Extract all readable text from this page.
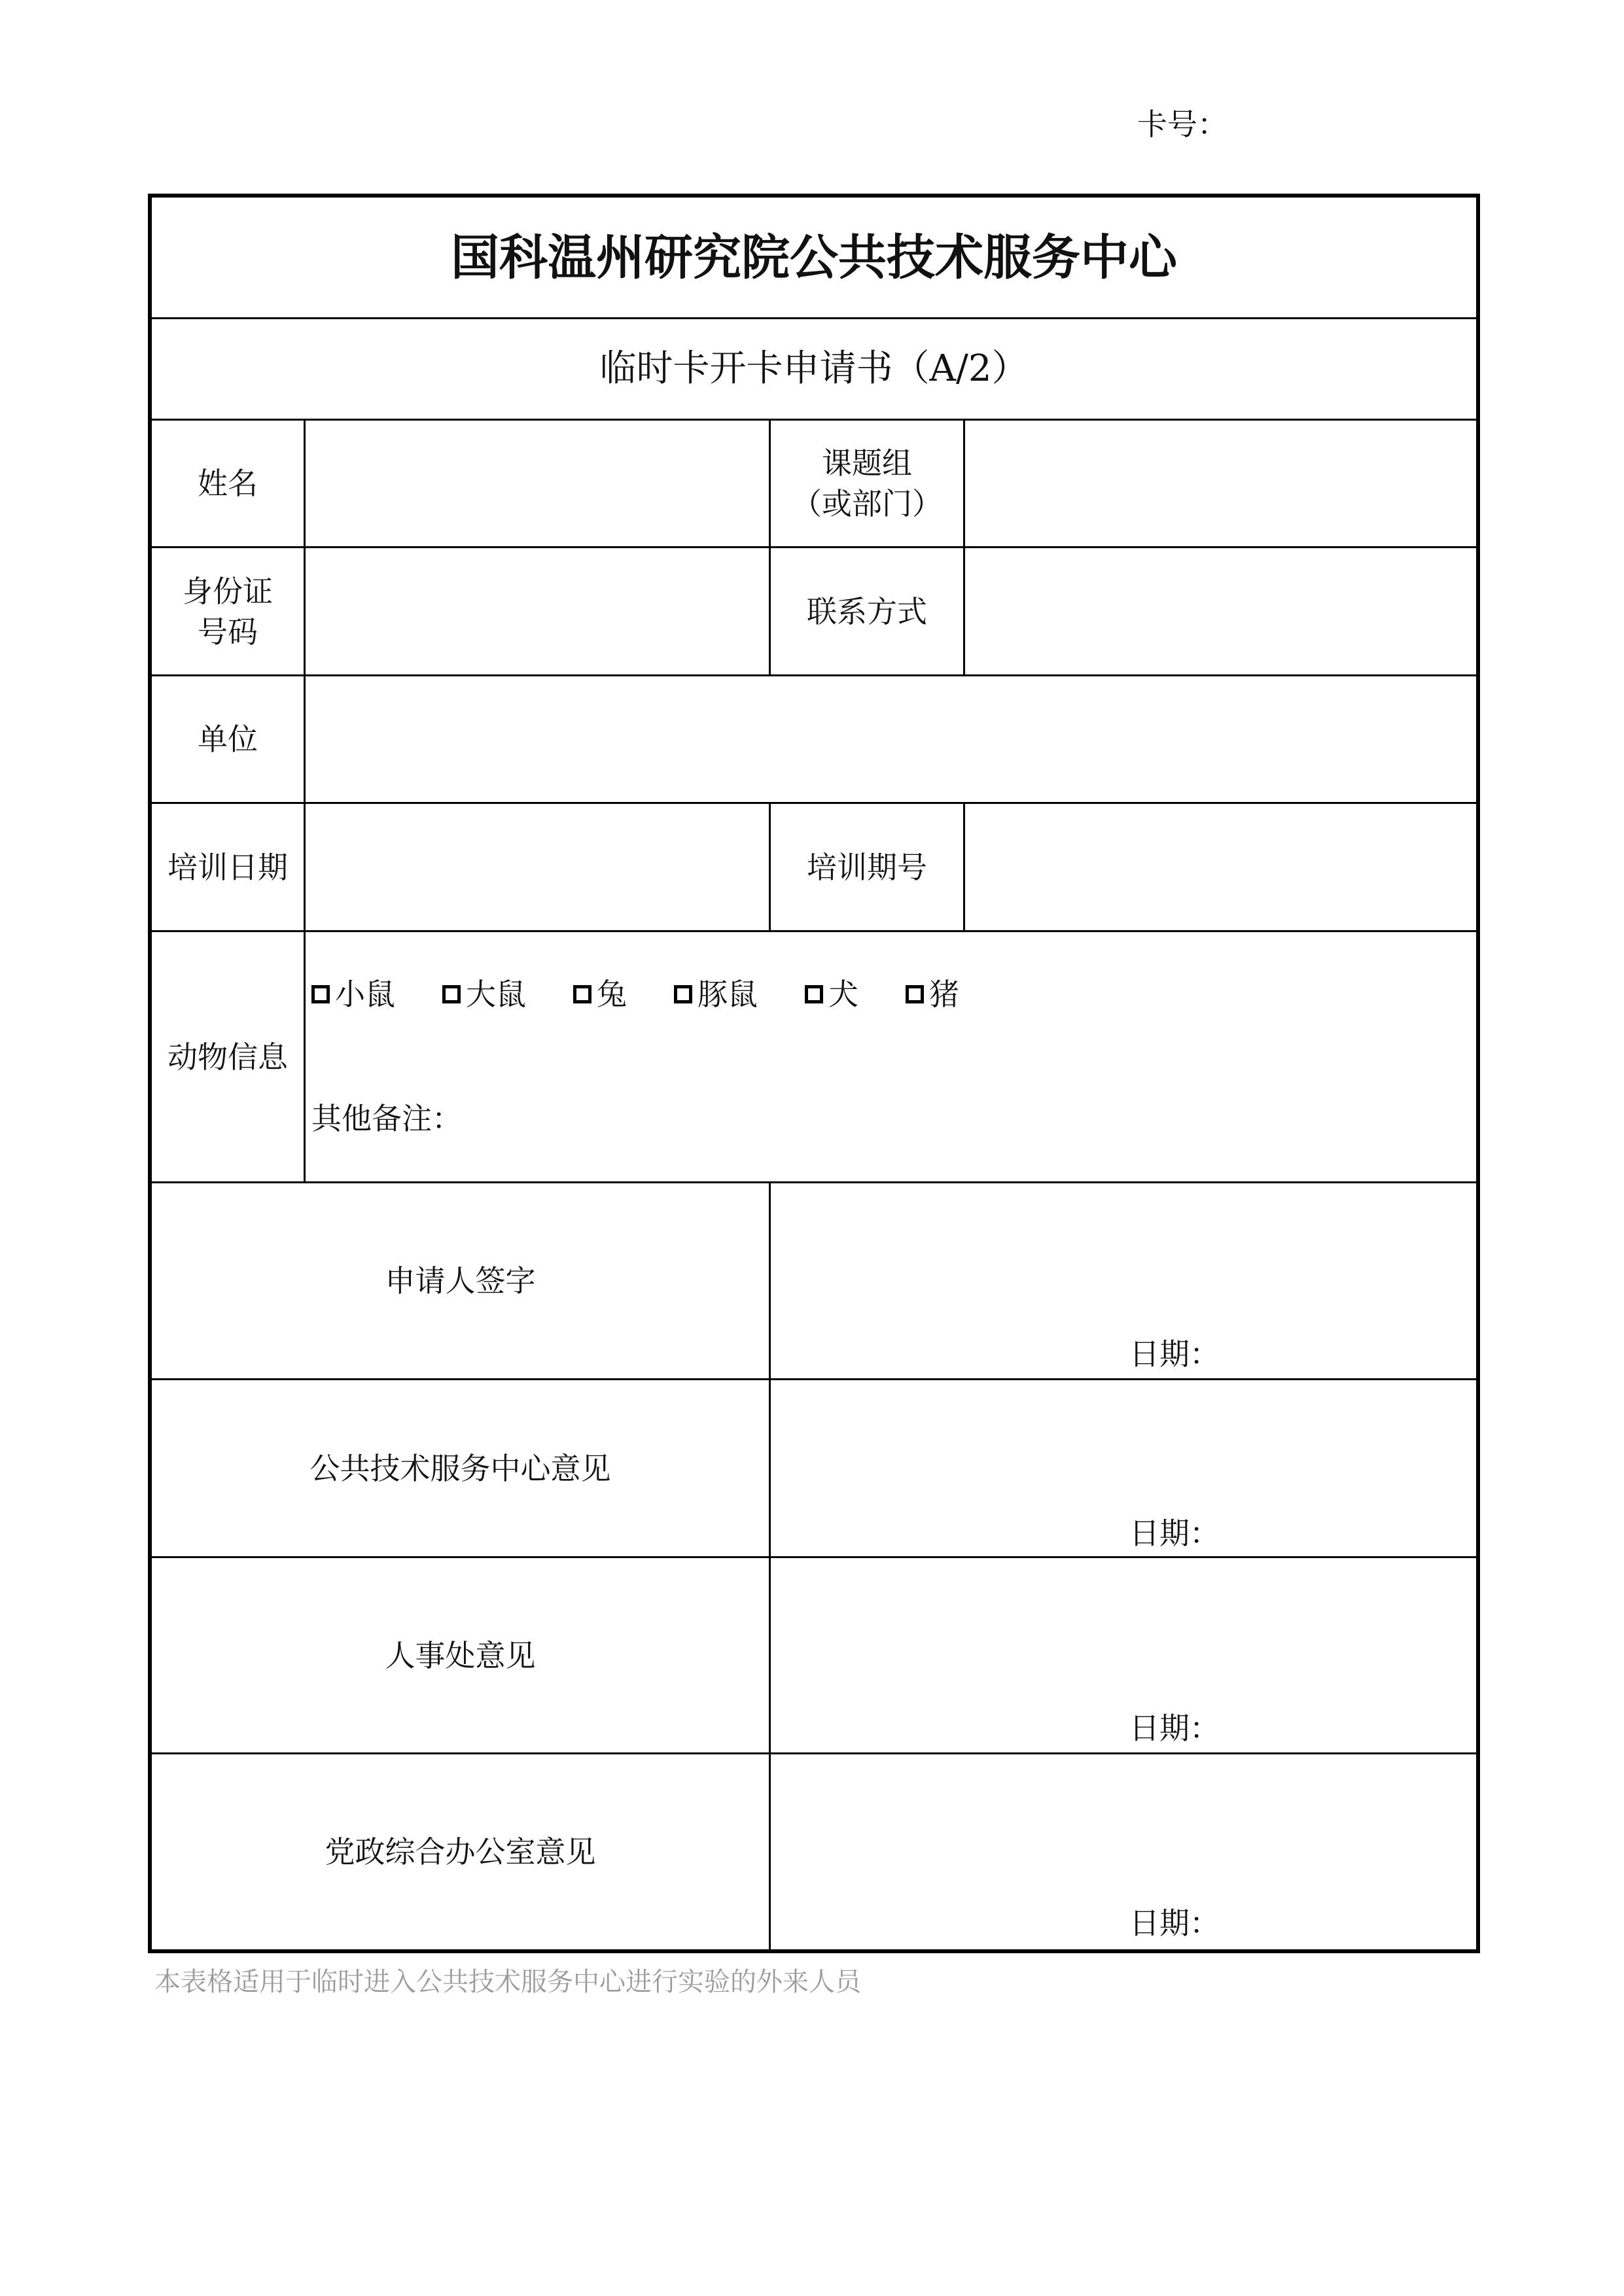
卡号：
国科温州研究院公共技术服务中心
临时卡开卡申请书（A/2）
姓名
课题组
（或部门）
身份证
号码
联系方式
单位
培训日期	培训期号
动物信息
小鼠 大鼠 兔 豚鼠 犬 猪
其他备注：
申请人签字
日期：
公共技术服务中心意见
日期：
人事处意见
日期：
党政综合办公室意见
日期：
本表格适用于临时进入公共技术服务中心进行实验的外来人员
